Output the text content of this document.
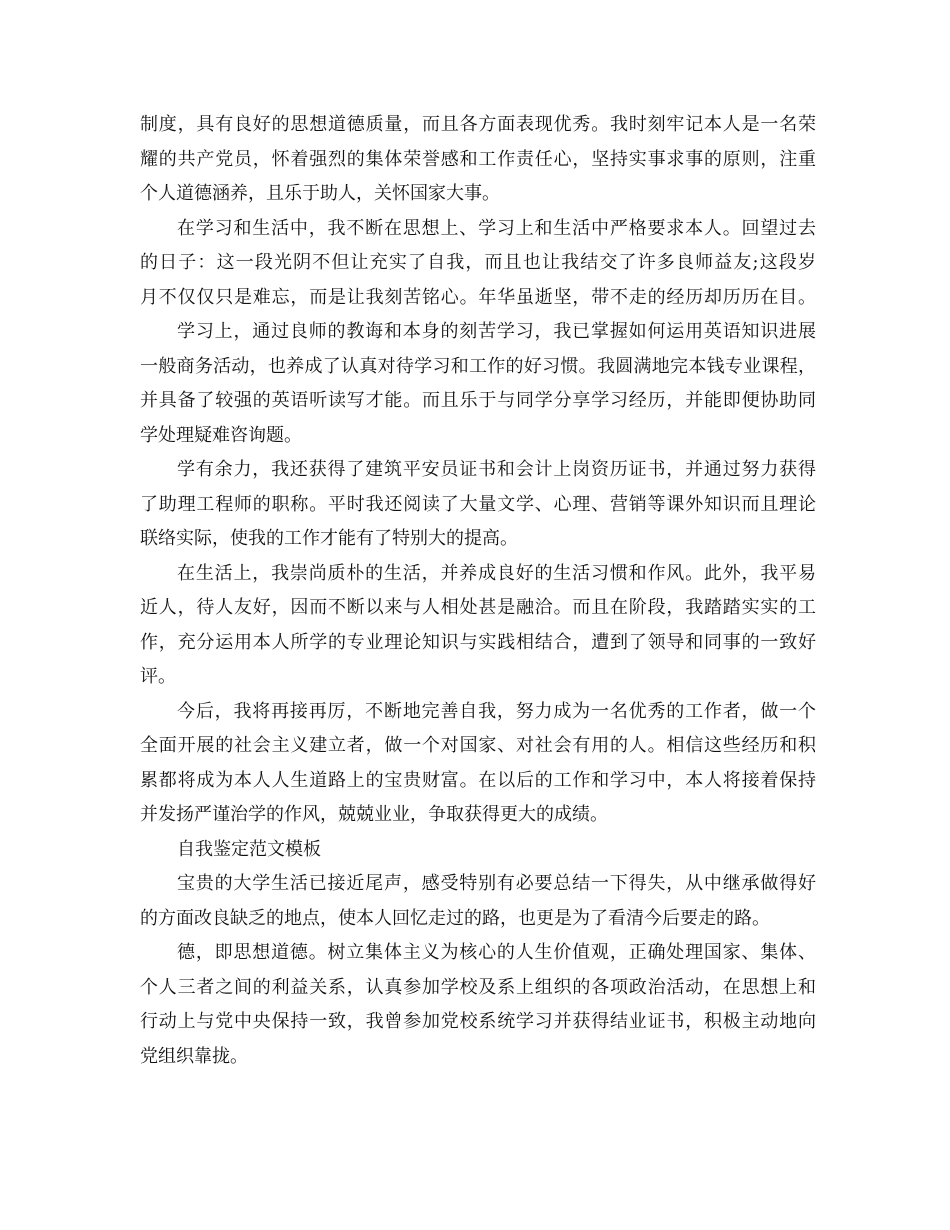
制度，具有良好的思想道德质量，而且各方面表现优秀。我时刻牢记本人是一名荣
耀的共产党员，怀着强烈的集体荣誉感和工作责任心，坚持实事求事的原则，注重
个人道德涵养，且乐于助人，关怀国家大事。
在学习和生活中，我不断在思想上、学习上和生活中严格要求本人。回望过去
的日子：这一段光阴不但让充实了自我，而且也让我结交了许多良师益友;这段岁
月不仅仅只是难忘，而是让我刻苦铭心。年华虽逝坚，带不走的经历却历历在目。
学习上，通过良师的教诲和本身的刻苦学习，我已掌握如何运用英语知识进展
一般商务活动，也养成了认真对待学习和工作的好习惯。我圆满地完本钱专业课程，
并具备了较强的英语听读写才能。而且乐于与同学分享学习经历，并能即便协助同
学处理疑难咨询题。
学有余力，我还获得了建筑平安员证书和会计上岗资历证书，并通过努力获得
了助理工程师的职称。平时我还阅读了大量文学、心理、营销等课外知识而且理论
联络实际，使我的工作才能有了特别大的提高。
在生活上，我崇尚质朴的生活，并养成良好的生活习惯和作风。此外，我平易
近人，待人友好，因而不断以来与人相处甚是融洽。而且在阶段，我踏踏实实的工
作，充分运用本人所学的专业理论知识与实践相结合，遭到了领导和同事的一致好
评。
今后，我将再接再厉，不断地完善自我，努力成为一名优秀的工作者，做一个
全面开展的社会主义建立者，做一个对国家、对社会有用的人。相信这些经历和积
累都将成为本人人生道路上的宝贵财富。在以后的工作和学习中，本人将接着保持
并发扬严谨治学的作风，兢兢业业，争取获得更大的成绩。
自我鉴定范文模板
宝贵的大学生活已接近尾声，感受特别有必要总结一下得失，从中继承做得好
的方面改良缺乏的地点，使本人回忆走过的路，也更是为了看清今后要走的路。
德，即思想道德。树立集体主义为核心的人生价值观，正确处理国家、集体、
个人三者之间的利益关系，认真参加学校及系上组织的各项政治活动，在思想上和
行动上与党中央保持一致，我曾参加党校系统学习并获得结业证书，积极主动地向
党组织靠拢。
